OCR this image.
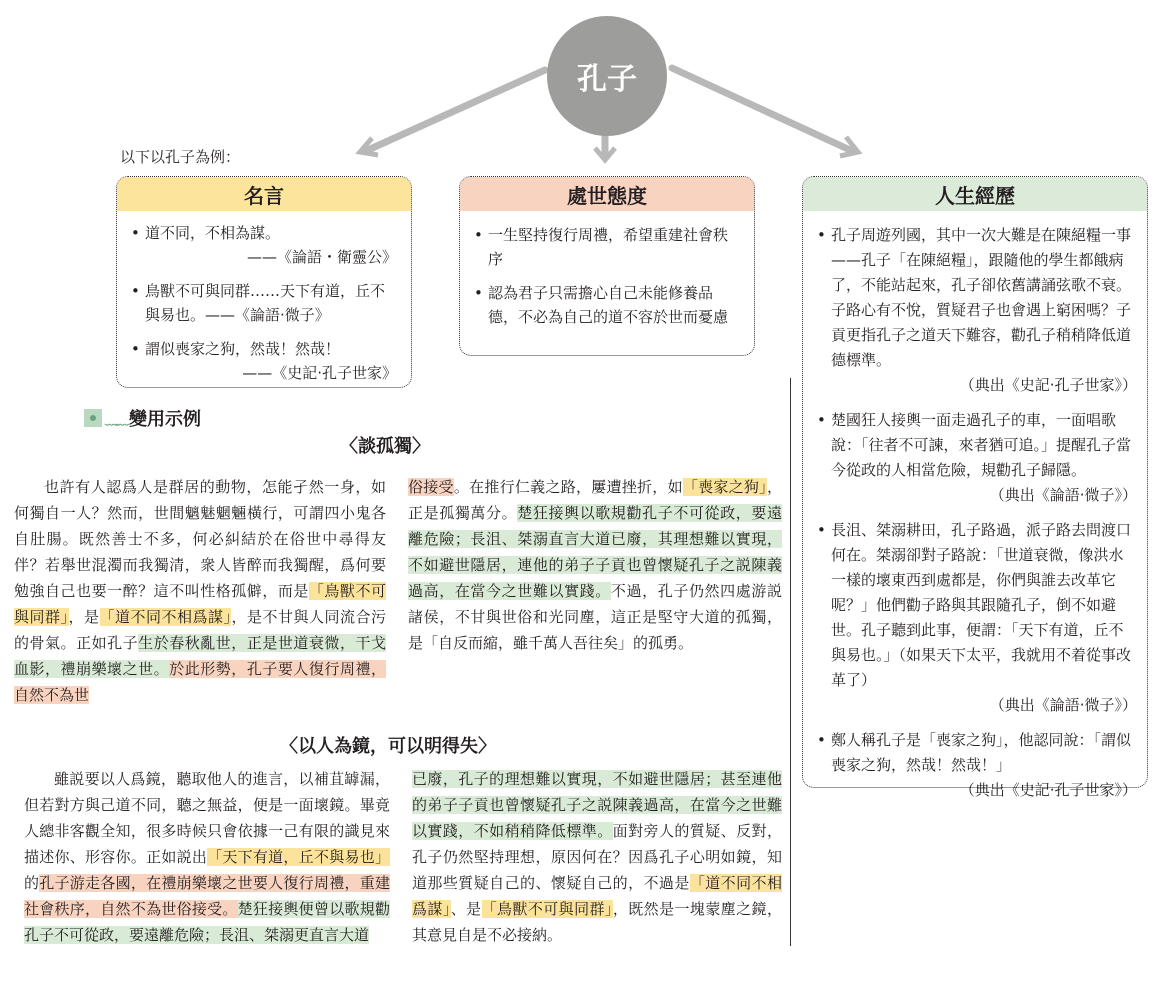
孔子
以下以孔子為例：
名言
• 道不同，不相為謀。
——《論語・衛靈公》
• 鳥獸不可與同群……天下有道，丘不與易也。——《論語‧微子》
• 謂似喪家之狗，然哉！然哉！
——《史記‧孔子世家》
處世態度
• 一生堅持復行周禮，希望重建社會秩序
• 認為君子只需擔心自己未能修養品德，不必為自己的道不容於世而憂慮
人生經歷
• 孔子周遊列國，其中一次大難是在陳絕糧一事——孔子「在陳絕糧」，跟隨他的學生都餓病了，不能站起來，孔子卻依舊講誦弦歌不衰。子路心有不悅，質疑君子也會遇上窮困嗎？子貢更指孔子之道天下難容，勸孔子稍稍降低道德標準。
（典出《史記‧孔子世家》）
• 楚國狂人接輿一面走過孔子的車，一面唱歌說：「往者不可諫，來者猶可追。」提醒孔子當今從政的人相當危險，規勸孔子歸隱。
（典出《論語‧微子》）
• 長沮、桀溺耕田，孔子路過，派子路去問渡口何在。桀溺卻對子路說：「世道衰微，像洪水一樣的壞東西到處都是，你們與誰去改革它呢？」他們勸子路與其跟隨孔子，倒不如避世。孔子聽到此事，便謂：「天下有道，丘不與易也。」（如果天下太平，我就用不着從事改革了）
（典出《論語‧微子》）
• 鄭人稱孔子是「喪家之狗」，他認同說：「謂似喪家之狗，然哉！然哉！」
（典出《史記‧孔子世家》）
﹏﹏ 變用示例
〈談孤獨〉
也許有人認爲人是群居的動物，怎能孑然一身，如何獨自一人？然而，世間魑魅魍魎橫行，可謂四小鬼各自肚腸。既然善士不多，何必糾結於在俗世中尋得友伴？若舉世混濁而我獨清，衆人皆醉而我獨醒，爲何要勉強自己也要一醉？這不叫性格孤僻，而是「鳥獸不可與同群」，是「道不同不相爲謀」，是不甘與人同流合污的骨氣。正如孔子生於春秋亂世，正是世道衰微，干戈血影，禮崩樂壞之世。於此形勢，孔子要人復行周禮，自然不為世
俗接受。在推行仁義之路，屢遭挫折，如「喪家之狗」，正是孤獨萬分。楚狂接輿以歌規勸孔子不可從政，要遠離危險；長沮、桀溺直言大道已廢，其理想難以實現，不如避世隱居，連他的弟子子貢也曾懷疑孔子之説陳義過高，在當今之世難以實踐。不過，孔子仍然四處游説諸侯，不甘與世俗和光同塵，這正是堅守大道的孤獨，是「自反而縮，雖千萬人吾往矣」的孤勇。
〈以人為鏡，可以明得失〉
雖説要以人爲鏡，聽取他人的進言，以補苴罅漏，但若對方與己道不同，聽之無益，便是一面壞鏡。畢竟人總非客觀全知，很多時候只會依據一己有限的識見來描述你、形容你。正如説出「天下有道，丘不與易也」的孔子游走各國，在禮崩樂壞之世要人復行周禮，重建社會秩序，自然不為世俗接受。楚狂接輿便曾以歌規勸孔子不可從政，要遠離危險；長沮、桀溺更直言大道
已廢，孔子的理想難以實現，不如避世隱居；甚至連他的弟子子貢也曾懷疑孔子之説陳義過高，在當今之世難以實踐，不如稍稍降低標準。面對旁人的質疑、反對，孔子仍然堅持理想，原因何在？因爲孔子心明如鏡，知道那些質疑自己的、懷疑自己的，不過是「道不同不相爲謀」、是「鳥獸不可與同群」，既然是一塊蒙塵之鏡，其意見自是不必接納。
